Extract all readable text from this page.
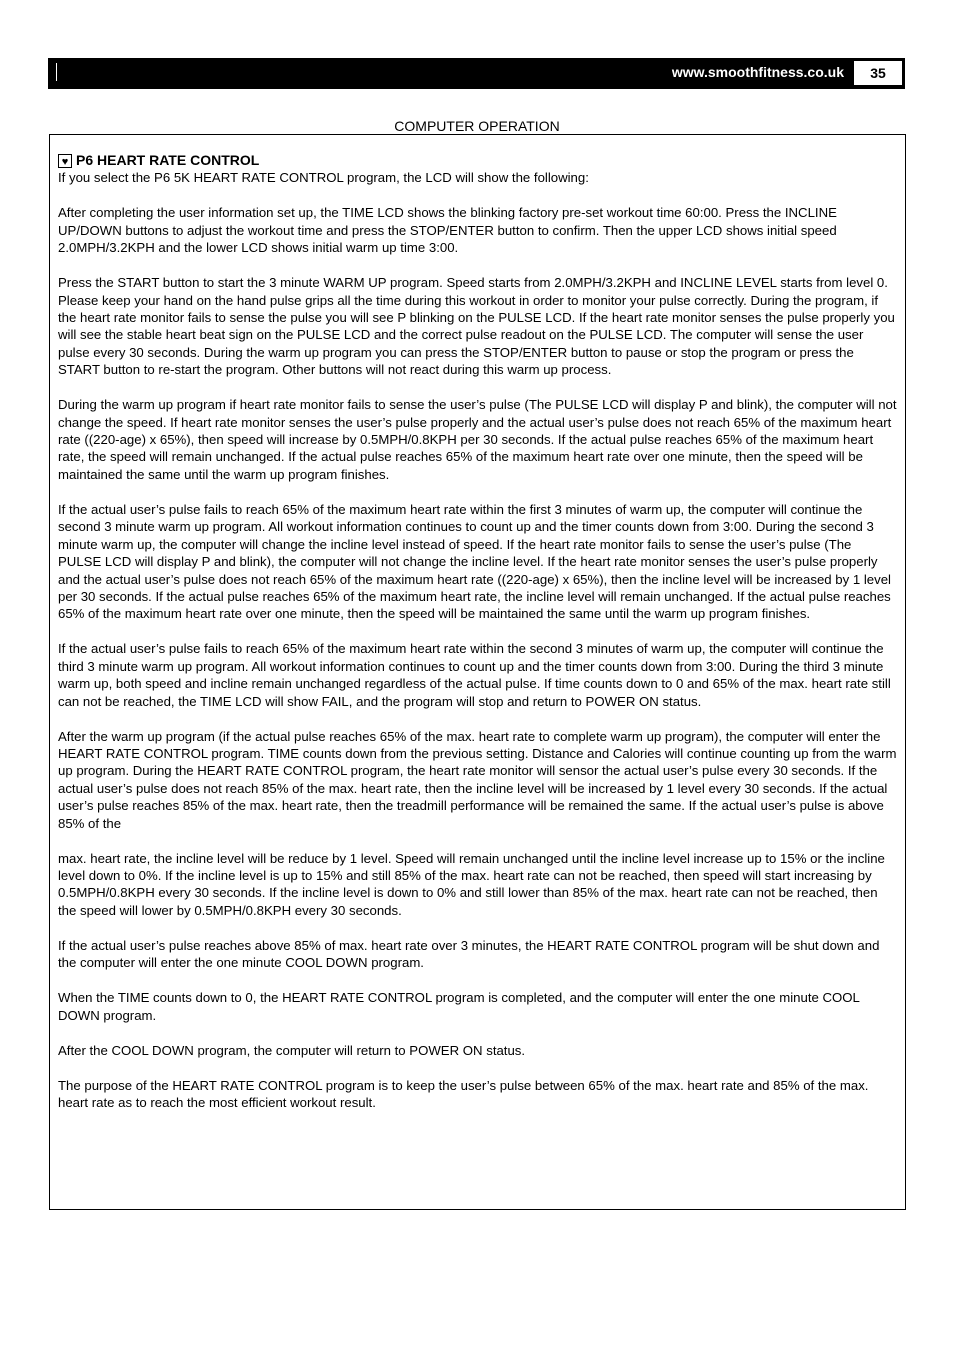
www.smoothfitness.co.uk	35
COMPUTER OPERATION
♥ P6 HEART RATE CONTROL

If you select the P6 5K HEART RATE CONTROL program, the LCD will show the following:

After completing the user information set up, the TIME LCD shows the blinking factory pre-set workout time 60:00. Press the INCLINE UP/DOWN buttons to adjust the workout time and press the STOP/ENTER button to confirm. Then the upper LCD shows initial speed 2.0MPH/3.2KPH and the lower LCD shows initial warm up time 3:00.

Press the START button to start the 3 minute WARM UP program. Speed starts from 2.0MPH/3.2KPH and INCLINE LEVEL starts from level 0. Please keep your hand on the hand pulse grips all the time during this workout in order to monitor your pulse correctly. During the program, if the heart rate monitor fails to sense the pulse you will see P blinking on the PULSE LCD. If the heart rate monitor senses the pulse properly you will see the stable heart beat sign on the PULSE LCD and the correct pulse readout on the PULSE LCD. The computer will sense the user pulse every 30 seconds. During the warm up program you can press the STOP/ENTER button to pause or stop the program or press the START button to re-start the program. Other buttons will not react during this warm up process.

During the warm up program if heart rate monitor fails to sense the user’s pulse (The PULSE LCD will display P and blink), the computer will not change the speed. If heart rate monitor senses the user’s pulse properly and the actual user’s pulse does not reach 65% of the maximum heart rate ((220-age) x 65%), then speed will increase by 0.5MPH/0.8KPH per 30 seconds. If the actual pulse reaches 65% of the maximum heart rate, the speed will remain unchanged. If the actual pulse reaches 65% of the maximum heart rate over one minute, then the speed will be maintained the same until the warm up program finishes.

If the actual user’s pulse fails to reach 65% of the maximum heart rate within the first 3 minutes of warm up, the computer will continue the second 3 minute warm up program. All workout information continues to count up and the timer counts down from 3:00. During the second 3 minute warm up, the computer will change the incline level instead of speed. If the heart rate monitor fails to sense the user’s pulse (The PULSE LCD will display P and blink), the computer will not change the incline level. If the heart rate monitor senses the user’s pulse properly and the actual user’s pulse does not reach 65% of the maximum heart rate ((220-age) x 65%), then the incline level will be increased by 1 level per 30 seconds. If the actual pulse reaches 65% of the maximum heart rate, the incline level will remain unchanged. If the actual pulse reaches 65% of the maximum heart rate over one minute, then the speed will be maintained the same until the warm up program finishes.

If the actual user’s pulse fails to reach 65% of the maximum heart rate within the second 3 minutes of warm up, the computer will continue the third 3 minute warm up program. All workout information continues to count up and the timer counts down from 3:00. During the third 3 minute warm up, both speed and incline remain unchanged regardless of the actual pulse. If time counts down to 0 and 65% of the max. heart rate still can not be reached, the TIME LCD will show FAIL, and the program will stop and return to POWER ON status.

After the warm up program (if the actual pulse reaches 65% of the max. heart rate to complete warm up program), the computer will enter the HEART RATE CONTROL program. TIME counts down from the previous setting. Distance and Calories will continue counting up from the warm up program. During the HEART RATE CONTROL program, the heart rate monitor will sensor the actual user’s pulse every 30 seconds. If the actual user’s pulse does not reach 85% of the max. heart rate, then the incline level will be increased by 1 level every 30 seconds. If the actual user’s pulse reaches 85% of the max. heart rate, then the treadmill performance will be remained the same. If the actual user’s pulse is above 85% of the

max. heart rate, the incline level will be reduce by 1 level. Speed will remain unchanged until the incline level increase up to 15% or the incline level down to 0%. If the incline level is up to 15% and still 85% of the max. heart rate can not be reached, then speed will start increasing by 0.5MPH/0.8KPH every 30 seconds. If the incline level is down to 0% and still lower than 85% of the max. heart rate can not be reached, then the speed will lower by 0.5MPH/0.8KPH every 30 seconds.

If the actual user’s pulse reaches above 85% of max. heart rate over 3 minutes, the HEART RATE CONTROL program will be shut down and the computer will enter the one minute COOL DOWN program.

When the TIME counts down to 0, the HEART RATE CONTROL program is completed, and the computer will enter the one minute COOL DOWN program.

After the COOL DOWN program, the computer will return to POWER ON status.

The purpose of the HEART RATE CONTROL program is to keep the user’s pulse between 65% of the max. heart rate and 85% of the max. heart rate as to reach the most efficient workout result.
